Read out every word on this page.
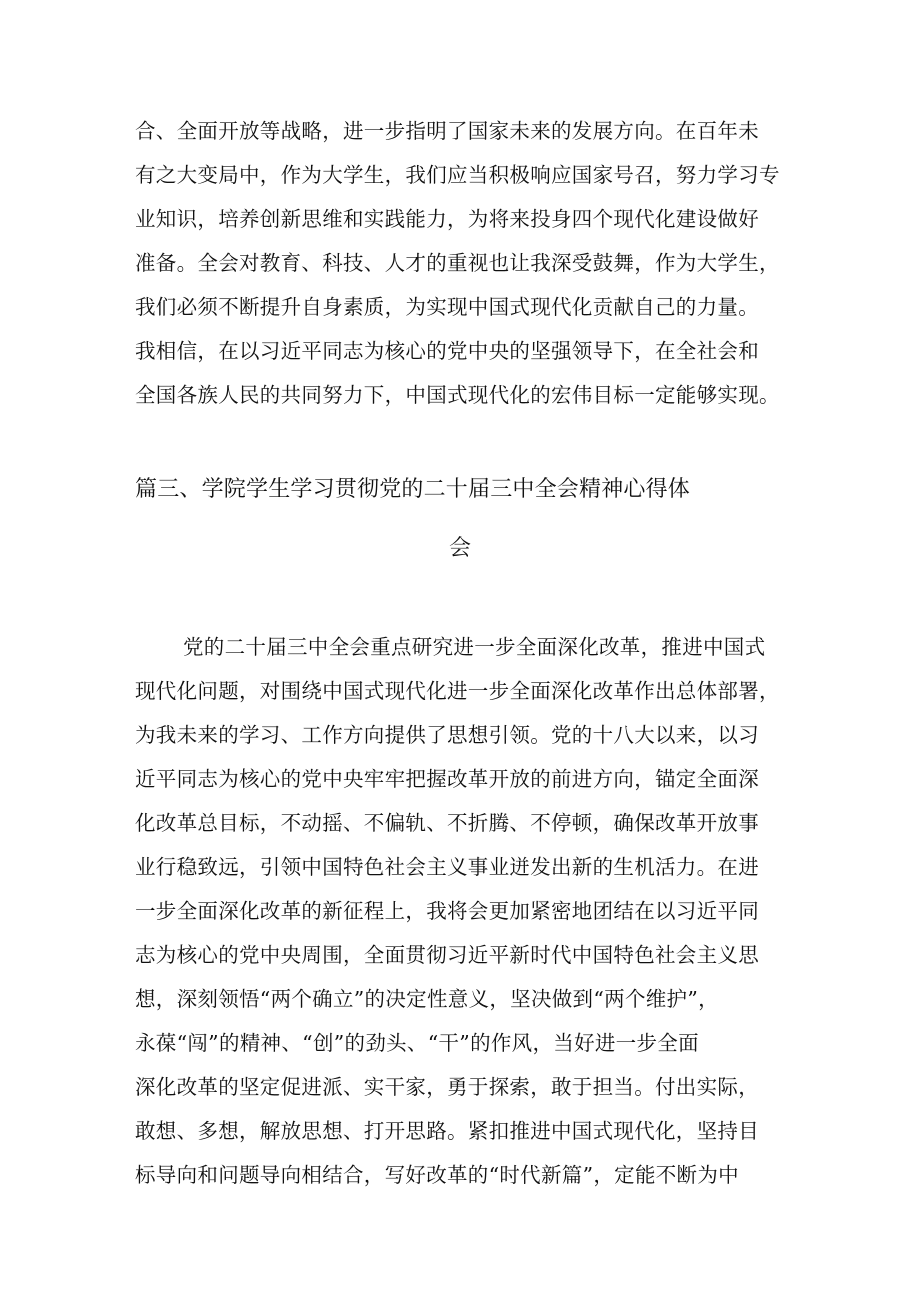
合、全面开放等战略，进一步指明了国家未来的发展方向。在百年未
有之大变局中，作为大学生，我们应当积极响应国家号召，努力学习专
业知识，培养创新思维和实践能力，为将来投身四个现代化建设做好
准备。全会对教育、科技、人才的重视也让我深受鼓舞，作为大学生，
我们必须不断提升自身素质，为实现中国式现代化贡献自己的力量。
我相信，在以习近平同志为核心的党中央的坚强领导下，在全社会和
全国各族人民的共同努力下，中国式现代化的宏伟目标一定能够实现。
篇三、学院学生学习贯彻党的二十届三中全会精神心得体
会
党的二十届三中全会重点研究进一步全面深化改革，推进中国式
现代化问题，对围绕中国式现代化进一步全面深化改革作出总体部署，
为我未来的学习、工作方向提供了思想引领。党的十八大以来，以习
近平同志为核心的党中央牢牢把握改革开放的前进方向，锚定全面深
化改革总目标，不动摇、不偏轨、不折腾、不停顿，确保改革开放事
业行稳致远，引领中国特色社会主义事业迸发出新的生机活力。在进
一步全面深化改革的新征程上，我将会更加紧密地团结在以习近平同
志为核心的党中央周围，全面贯彻习近平新时代中国特色社会主义思
想，深刻领悟“两个确立”的决定性意义，坚决做到“两个维护”，
永葆“闯”的精神、“创”的劲头、“干”的作风，当好进一步全面
深化改革的坚定促进派、实干家，勇于探索，敢于担当。付出实际，
敢想、多想，解放思想、打开思路。紧扣推进中国式现代化，坚持目
标导向和问题导向相结合，写好改革的“时代新篇”，定能不断为中
